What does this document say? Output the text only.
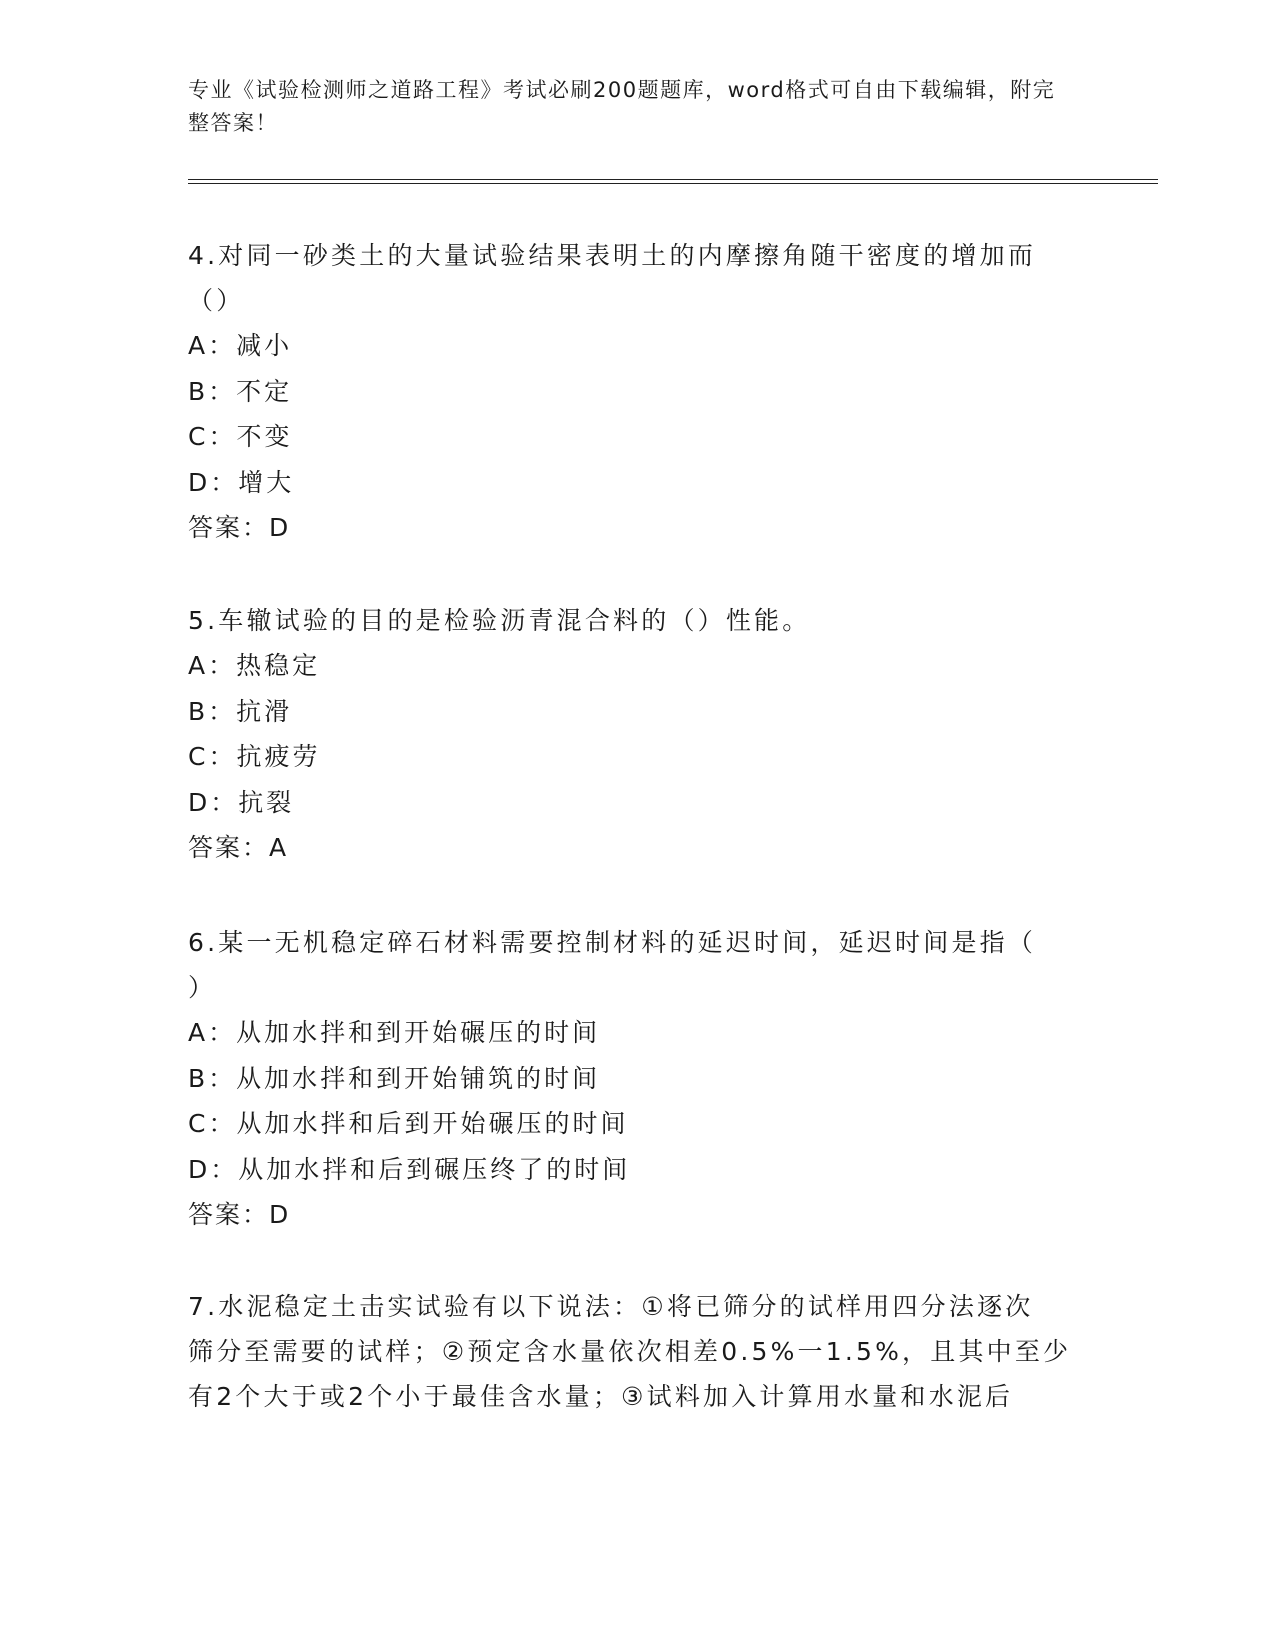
专业《试验检测师之道路工程》考试必刷200题题库，word格式可自由下载编辑，附完整答案！
4.对同一砂类土的大量试验结果表明土的内摩擦角随干密度的增加而
（）
A：减小
B：不定
C：不变
D：增大
答案：D
5.车辙试验的目的是检验沥青混合料的（）性能。
A：热稳定
B：抗滑
C：抗疲劳
D：抗裂
答案：A
6.某一无机稳定碎石材料需要控制材料的延迟时间，延迟时间是指（
）
A：从加水拌和到开始碾压的时间
B：从加水拌和到开始铺筑的时间
C：从加水拌和后到开始碾压的时间
D：从加水拌和后到碾压终了的时间
答案：D
7.水泥稳定土击实试验有以下说法：①将已筛分的试样用四分法逐次
筛分至需要的试样；②预定含水量依次相差0.5%一1.5%，且其中至少
有2个大于或2个小于最佳含水量；③试料加入计算用水量和水泥后
